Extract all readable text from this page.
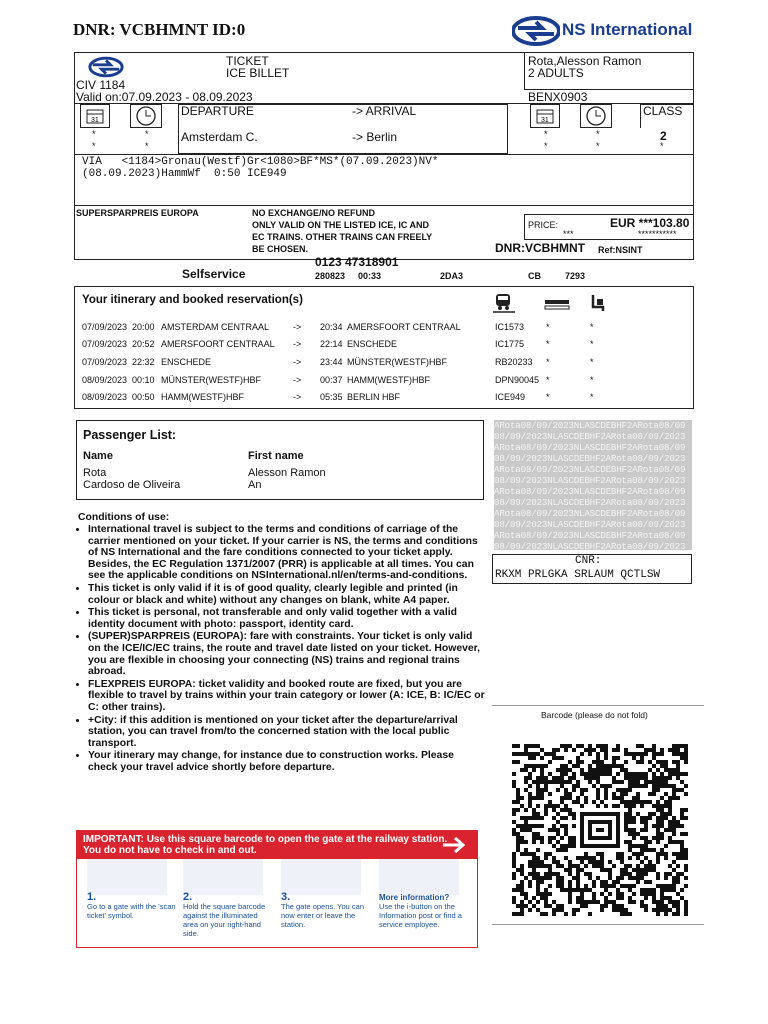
DNR: VCBHMNT ID:0	NS International
TICKET
ICE BILLET
CIV 1184
Valid on:07.09.2023 - 08.09.2023
Rota,Alesson Ramon
2 ADULTS
BENX0903
31
*	*
*	*
DEPARTURE	-> ARRIVAL
Amsterdam C.	-> Berlin
31
CLASS
*	*	2
*	*	*
VIA   <1184>Gronau(Westf)Gr<1080>BF*MS*(07.09.2023)NV*
(08.09.2023)HammWf  0:50 ICE949
SUPERSPARPREIS EUROPA	NO EXCHANGE/NO REFUND
ONLY VALID ON THE LISTED ICE, IC AND
EC TRAINS. OTHER TRAINS CAN FREELY
BE CHOSEN.
PRICE:	EUR ***103.80
***	***********
DNR:VCBHMNT Ref:NSINT
0123 47318901
Selfservice	280823 00:33	2DA3	CB	7293
Your itinerary and booked reservation(s)
07/09/2023 20:00 AMSTERDAM CENTRAAL	-> 20:34 AMERSFOORT CENTRAAL	IC1573 *	*
07/09/2023 20:52 AMERSFOORT CENTRAAL -> 22:14 ENSCHEDE	IC1775 *	*
07/09/2023 22:32 ENSCHEDE	-> 23:44 MÜNSTER(WESTF)HBF	RB20233 *	*
08/09/2023 00:10 MÜNSTER(WESTF)HBF	-> 00:37 HAMM(WESTF)HBF	DPN90045 *	*
08/09/2023 00:50 HAMM(WESTF)HBF	-> 05:35 BERLIN HBF	ICE949 *	*
Passenger List:
Name	First name
Rota	Alesson Ramon
Cardoso de Oliveira	An
ARota08/09/2023NLASCDEBHF2ARota08/09
08/09/2023NLASCDEBHF2ARota08/09/2023
ARota08/09/2023NLASCDEBHF2ARota08/09
08/09/2023NLASCDEBHF2ARota08/09/2023
ARota08/09/2023NLASCDEBHF2ARota08/09
08/09/2023NLASCDEBHF2ARota08/09/2023
ARota08/09/2023NLASCDEBHF2ARota08/09
08/09/2023NLASCDEBHF2ARota08/09/2023
ARota08/09/2023NLASCDEBHF2ARota08/09
08/09/2023NLASCDEBHF2ARota08/09/2023
ARota08/09/2023NLASCDEBHF2ARota08/09
08/09/2023NLASCDEBHF2ARota08/09/2023
CNR:
RKXM PRLGKA SRLAUM QCTLSW
Conditions of use:
• International travel is subject to the terms and conditions of carriage of the carrier mentioned on your ticket. If your carrier is NS, the terms and conditions of NS International and the fare conditions connected to your ticket apply. Besides, the EC Regulation 1371/2007 (PRR) is applicable at all times. You can see the applicable conditions on NSInternational.nl/en/terms-and-conditions.
• This ticket is only valid if it is of good quality, clearly legible and printed (in colour or black and white) without any changes on blank, white A4 paper.
• This ticket is personal, not transferable and only valid together with a valid identity document with photo: passport, identity card.
• (SUPER)SPARPREIS (EUROPA): fare with constraints. Your ticket is only valid on the ICE/IC/EC trains, the route and travel date listed on your ticket. However, you are flexible in choosing your connecting (NS) trains and regional trains abroad.
• FLEXPREIS EUROPA: ticket validity and booked route are fixed, but you are flexible to travel by trains within your train category or lower (A: ICE, B: IC/EC or C: other trains).
• +City: if this addition is mentioned on your ticket after the departure/arrival station, you can travel from/to the concerned station with the local public transport.
• Your itinerary may change, for instance due to construction works. Please check your travel advice shortly before departure.
Barcode (please do not fold)
IMPORTANT: Use this square barcode to open the gate at the railway station.
You do not have to check in and out.
1.
Go to a gate with the 'scan ticket' symbol.
2.
Hold the square barcode against the illuminated area on your right-hand side.
3.
The gate opens. You can now enter or leave the station.
More information?
Use the i-button on the Information post or find a service employee.
